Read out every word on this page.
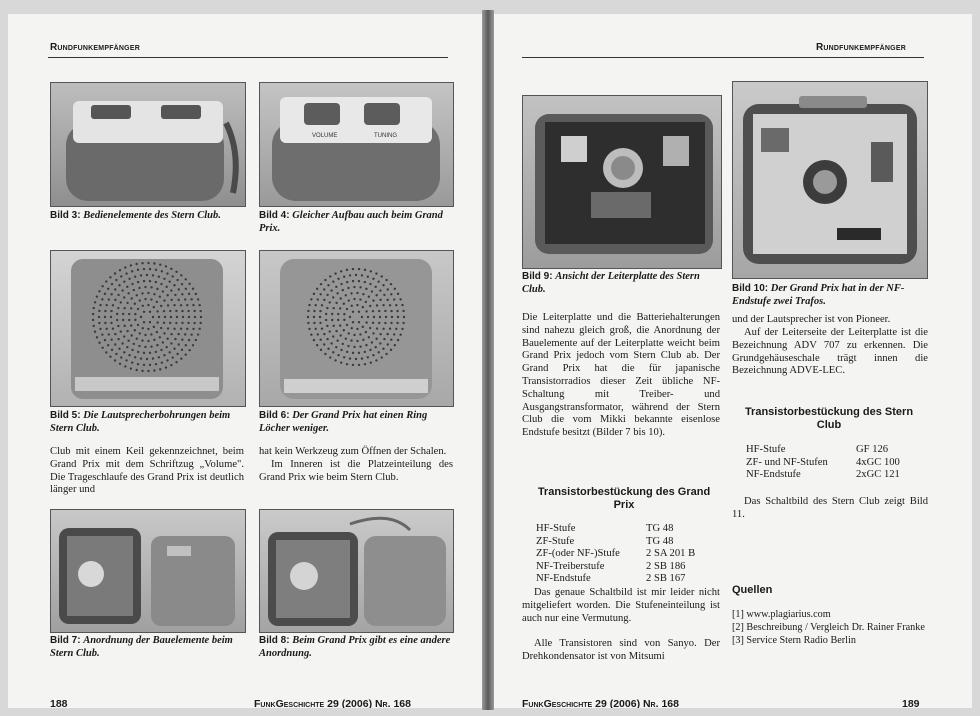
Rundfunkempfänger
Bild 3: Bedienelemente des Stern Club.
VOLUME	TUNING
Bild 4: Gleicher Aufbau auch beim Grand Prix.
Bild 5: Die Lautsprecherbohrungen beim Stern Club.
Bild 6: Der Grand Prix hat einen Ring Löcher weniger.
Club mit einem Keil gekennzeichnet, beim Grand Prix mit dem Schriftzug „Volume". Die Trageschlaufe des Grand Prix ist deutlich länger und
hat kein Werkzeug zum Öffnen der Schalen.
Im Inneren ist die Platzeinteilung des Grand Prix wie beim Stern Club.
Bild 7: Anordnung der Bauelemente beim Stern Club.
Bild 8: Beim Grand Prix gibt es eine andere Anordnung.
188	FunkGeschichte 29 (2006) Nr. 168
Rundfunkempfänger
Bild 9: Ansicht der Leiterplatte des Stern Club.	Bild 10: Der Grand Prix hat in der NF-Endstufe zwei Trafos.
Die Leiterplatte und die Batteriehalterungen sind nahezu gleich groß, die Anordnung der Bauelemente auf der Leiterplatte weicht beim Grand Prix jedoch vom Stern Club ab. Der Grand Prix hat die für japanische Transistorradios dieser Zeit übliche NF-Schaltung mit Treiber- und Ausgangstransformator, während der Stern Club die vom Mikki bekannte eisenlose Endstufe besitzt (Bilder 7 bis 10).
Transistorbestückung des Grand Prix
HF-Stufe	TG 48
ZF-Stufe	TG 48
ZF-(oder NF-)Stufe	2 SA 201 B
NF-Treiberstufe	2 SB 186
NF-Endstufe	2 SB 167
Das genaue Schaltbild ist mir leider nicht mitgeliefert worden. Die Stufeneinteilung ist auch nur eine Vermutung.
Alle Transistoren sind von Sanyo. Der Drehkondensator ist von Mitsumi
und der Lautsprecher ist von Pioneer.
Auf der Leiterseite der Leiterplatte ist die Bezeichnung ADV 707 zu erkennen. Die Grundgehäuseschale trägt innen die Bezeichnung ADVE-LEC.
Transistorbestückung des Stern Club
HF-Stufe	GF 126
ZF- und NF-Stufen	4xGC 100
NF-Endstufe	2xGC 121
Das Schaltbild des Stern Club zeigt Bild 11.
Quellen
[1] www.plagiarius.com
[2] Beschreibung / Vergleich Dr. Rainer Franke
[3] Service Stern Radio Berlin
FunkGeschichte 29 (2006) Nr. 168	189
